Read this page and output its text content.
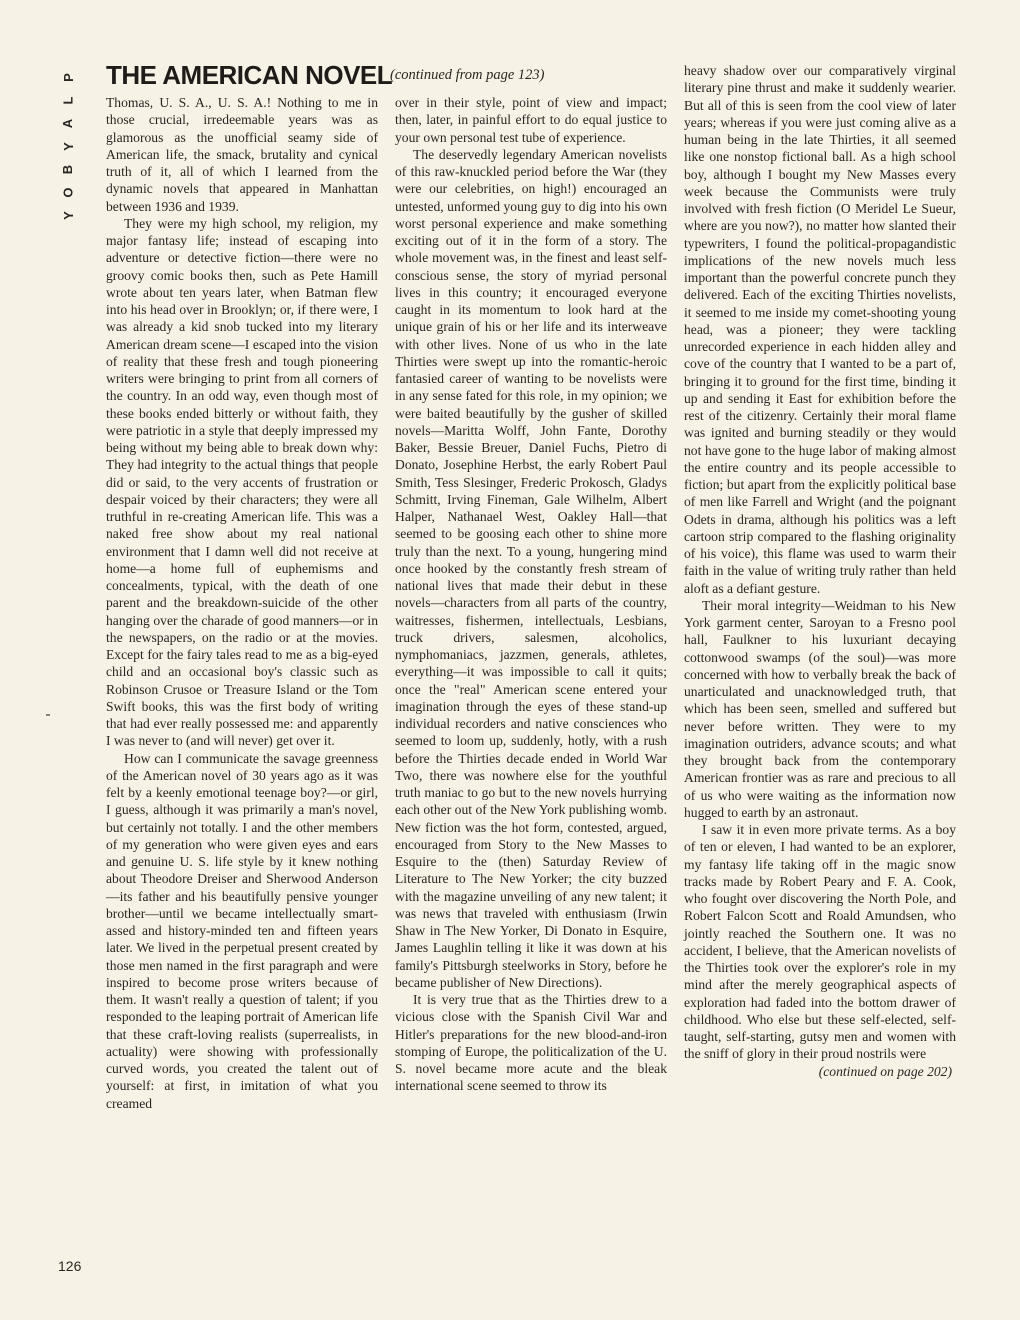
P
L
A
Y
B
O
Y
THE AMERICAN NOVEL
(continued from page 123)

Thomas, U. S. A., U. S. A.! Nothing to me in those crucial, irredeemable years was as glamorous as the unofficial seamy side of American life, the smack, brutality and cynical truth of it, all of which I learned from the dynamic novels that appeared in Manhattan between 1936 and 1939.

They were my high school, my religion, my major fantasy life; instead of escaping into adventure or detective fiction—there were no groovy comic books then, such as Pete Hamill wrote about ten years later, when Batman flew into his head over in Brooklyn; or, if there were, I was already a kid snob tucked into my literary American dream scene—I escaped into the vision of reality that these fresh and tough pioneering writers were bringing to print from all corners of the country. In an odd way, even though most of these books ended bitterly or without faith, they were patriotic in a style that deeply impressed my being without my being able to break down why: They had integrity to the actual things that people did or said, to the very accents of frustration or despair voiced by their characters; they were all truthful in re-creating American life. This was a naked free show about my real national environment that I damn well did not receive at home—a home full of euphemisms and concealments, typical, with the death of one parent and the breakdown-suicide of the other hanging over the charade of good manners—or in the newspapers, on the radio or at the movies. Except for the fairy tales read to me as a big-eyed child and an occasional boy's classic such as Robinson Crusoe or Treasure Island or the Tom Swift books, this was the first body of writing that had ever really possessed me: and apparently I was never to (and will never) get over it.

How can I communicate the savage greenness of the American novel of 30 years ago as it was felt by a keenly emotional teenage boy?—or girl, I guess, although it was primarily a man's novel, but certainly not totally. I and the other members of my generation who were given eyes and ears and genuine U. S. life style by it knew nothing about Theodore Dreiser and Sherwood Anderson—its father and his beautifully pensive younger brother—until we became intellectually smart-assed and history-minded ten and fifteen years later. We lived in the perpetual present created by those men named in the first paragraph and were inspired to become prose writers because of them. It wasn't really a question of talent; if you responded to the leaping portrait of American life that these craft-loving realists (superrealists, in actuality) were showing with professionally curved words, you created the talent out of yourself: at first, in imitation of what you creamed

over in their style, point of view and impact; then, later, in painful effort to do equal justice to your own personal test tube of experience.

The deservedly legendary American novelists of this raw-knuckled period before the War (they were our celebrities, on high!) encouraged an untested, unformed young guy to dig into his own worst personal experience and make something exciting out of it in the form of a story. The whole movement was, in the finest and least self-conscious sense, the story of myriad personal lives in this country; it encouraged everyone caught in its momentum to look hard at the unique grain of his or her life and its interweave with other lives. None of us who in the late Thirties were swept up into the romantic-heroic fantasied career of wanting to be novelists were in any sense fated for this role, in my opinion; we were baited beautifully by the gusher of skilled novels—Maritta Wolff, John Fante, Dorothy Baker, Bessie Breuer, Daniel Fuchs, Pietro di Donato, Josephine Herbst, the early Robert Paul Smith, Tess Slesinger, Frederic Prokosch, Gladys Schmitt, Irving Fineman, Gale Wilhelm, Albert Halper, Nathanael West, Oakley Hall—that seemed to be goosing each other to shine more truly than the next. To a young, hungering mind once hooked by the constantly fresh stream of national lives that made their debut in these novels—characters from all parts of the country, waitresses, fishermen, intellectuals, Lesbians, truck drivers, salesmen, alcoholics, nymphomaniacs, jazzmen, generals, athletes, everything—it was impossible to call it quits; once the "real" American scene entered your imagination through the eyes of these stand-up individual recorders and native consciences who seemed to loom up, suddenly, hotly, with a rush before the Thirties decade ended in World War Two, there was nowhere else for the youthful truth maniac to go but to the new novels hurrying each other out of the New York publishing womb. New fiction was the hot form, contested, argued, encouraged from Story to the New Masses to Esquire to the (then) Saturday Review of Literature to The New Yorker; the city buzzed with the magazine unveiling of any new talent; it was news that traveled with enthusiasm (Irwin Shaw in The New Yorker, Di Donato in Esquire, James Laughlin telling it like it was down at his family's Pittsburgh steelworks in Story, before he became publisher of New Directions).

It is very true that as the Thirties drew to a vicious close with the Spanish Civil War and Hitler's preparations for the new blood-and-iron stomping of Europe, the politicalization of the U. S. novel became more acute and the bleak international scene seemed to throw its

heavy shadow over our comparatively virginal literary pine thrust and make it suddenly wearier. But all of this is seen from the cool view of later years; whereas if you were just coming alive as a human being in the late Thirties, it all seemed like one nonstop fictional ball. As a high school boy, although I bought my New Masses every week because the Communists were truly involved with fresh fiction (O Meridel Le Sueur, where are you now?), no matter how slanted their typewriters, I found the political-propagandistic implications of the new novels much less important than the powerful concrete punch they delivered. Each of the exciting Thirties novelists, it seemed to me inside my comet-shooting young head, was a pioneer; they were tackling unrecorded experience in each hidden alley and cove of the country that I wanted to be a part of, bringing it to ground for the first time, binding it up and sending it East for exhibition before the rest of the citizenry. Certainly their moral flame was ignited and burning steadily or they would not have gone to the huge labor of making almost the entire country and its people accessible to fiction; but apart from the explicitly political base of men like Farrell and Wright (and the poignant Odets in drama, although his politics was a left cartoon strip compared to the flashing originality of his voice), this flame was used to warm their faith in the value of writing truly rather than held aloft as a defiant gesture.

Their moral integrity—Weidman to his New York garment center, Saroyan to a Fresno pool hall, Faulkner to his luxuriant decaying cottonwood swamps (of the soul)—was more concerned with how to verbally break the back of unarticulated and unacknowledged truth, that which has been seen, smelled and suffered but never before written. They were to my imagination outriders, advance scouts; and what they brought back from the contemporary American frontier was as rare and precious to all of us who were waiting as the information now hugged to earth by an astronaut.

I saw it in even more private terms. As a boy of ten or eleven, I had wanted to be an explorer, my fantasy life taking off in the magic snow tracks made by Robert Peary and F. A. Cook, who fought over discovering the North Pole, and Robert Falcon Scott and Roald Amundsen, who jointly reached the Southern one. It was no accident, I believe, that the American novelists of the Thirties took over the explorer's role in my mind after the merely geographical aspects of exploration had faded into the bottom drawer of childhood. Who else but these self-elected, self-taught, self-starting, gutsy men and women with the sniff of glory in their proud nostrils were

(continued on page 202)

126
